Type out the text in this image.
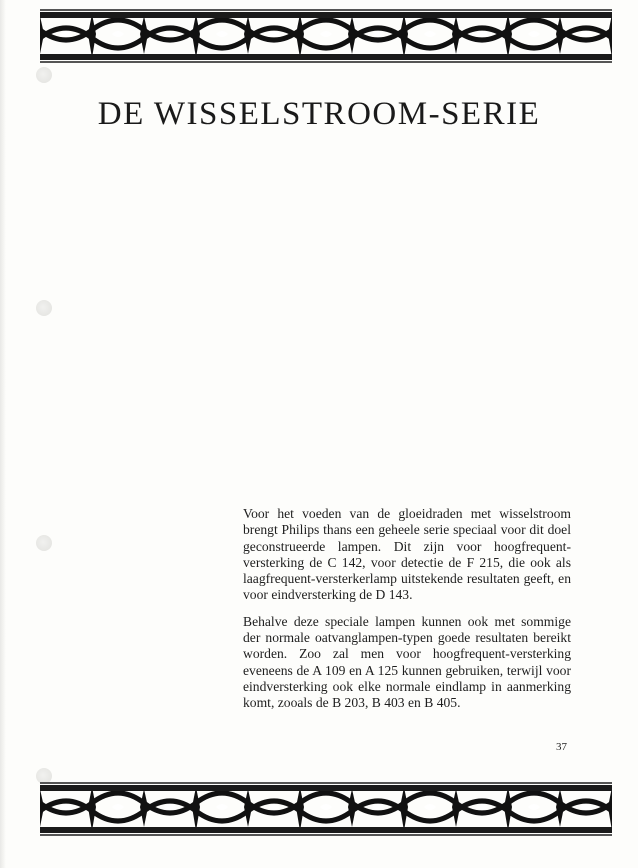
DE WISSELSTROOM-SERIE

Voor het voeden van de gloeidraden met wisselstroom brengt Philips thans een geheele serie speciaal voor dit doel geconstrueerde lampen. Dit zijn voor hoogfrequent-versterking de C 142, voor detectie de F 215, die ook als laagfrequent-versterkerlamp uitstekende resultaten geeft, en voor eindversterking de D 143.

Behalve deze speciale lampen kunnen ook met sommige der normale oatvanglampen-typen goede resultaten bereikt worden. Zoo zal men voor hoogfrequent-versterking eveneens de A 109 en A 125 kunnen gebruiken, terwijl voor eindversterking ook elke normale eindlamp in aanmerking komt, zooals de B 203, B 403 en B 405.

37
